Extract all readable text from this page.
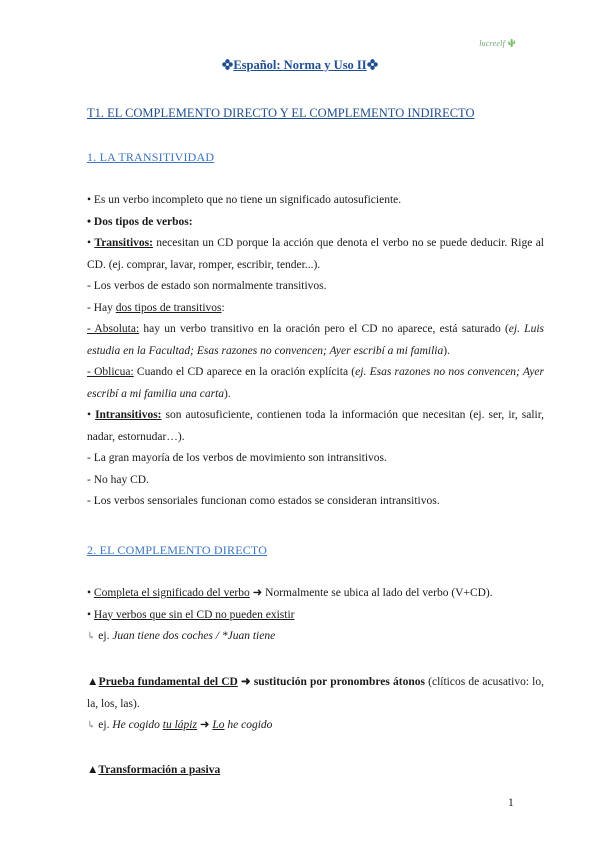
lucreelf
Español: Norma y Uso II
T1. EL COMPLEMENTO DIRECTO Y EL COMPLEMENTO INDIRECTO
1. LA TRANSITIVIDAD

• Es un verbo incompleto que no tiene un significado autosuficiente.

• Dos tipos de verbos:

• Transitivos: necesitan un CD porque la acción que denota el verbo no se puede deducir. Rige al CD. (ej. comprar, lavar, romper, escribir, tender...).

- Los verbos de estado son normalmente transitivos.

- Hay dos tipos de transitivos:

- Absoluta: hay un verbo transitivo en la oración pero el CD no aparece, está saturado (ej. Luis estudia en la Facultad; Esas razones no convencen; Ayer escribí a mi familia).

- Oblicua: Cuando el CD aparece en la oración explícita (ej. Esas razones no nos convencen; Ayer escribí a mi familia una carta).

• Intransitivos: son autosuficiente, contienen toda la información que necesitan (ej. ser, ir, salir, nadar, estornudar…).

- La gran mayoría de los verbos de movimiento son intransitivos.

- No hay CD.

- Los verbos sensoriales funcionan como estados se consideran intransitivos.

2. EL COMPLEMENTO DIRECTO

• Completa el significado del verbo ➜ Normalmente se ubica al lado del verbo (V+CD).

• Hay verbos que sin el CD no pueden existir

↳ ej. Juan tiene dos coches / *Juan tiene

▲Prueba fundamental del CD ➜ sustitución por pronombres átonos (clíticos de acusativo: lo, la, los, las).

↳ ej. He cogido tu lápiz ➜ Lo he cogido

▲Transformación a pasiva

1
